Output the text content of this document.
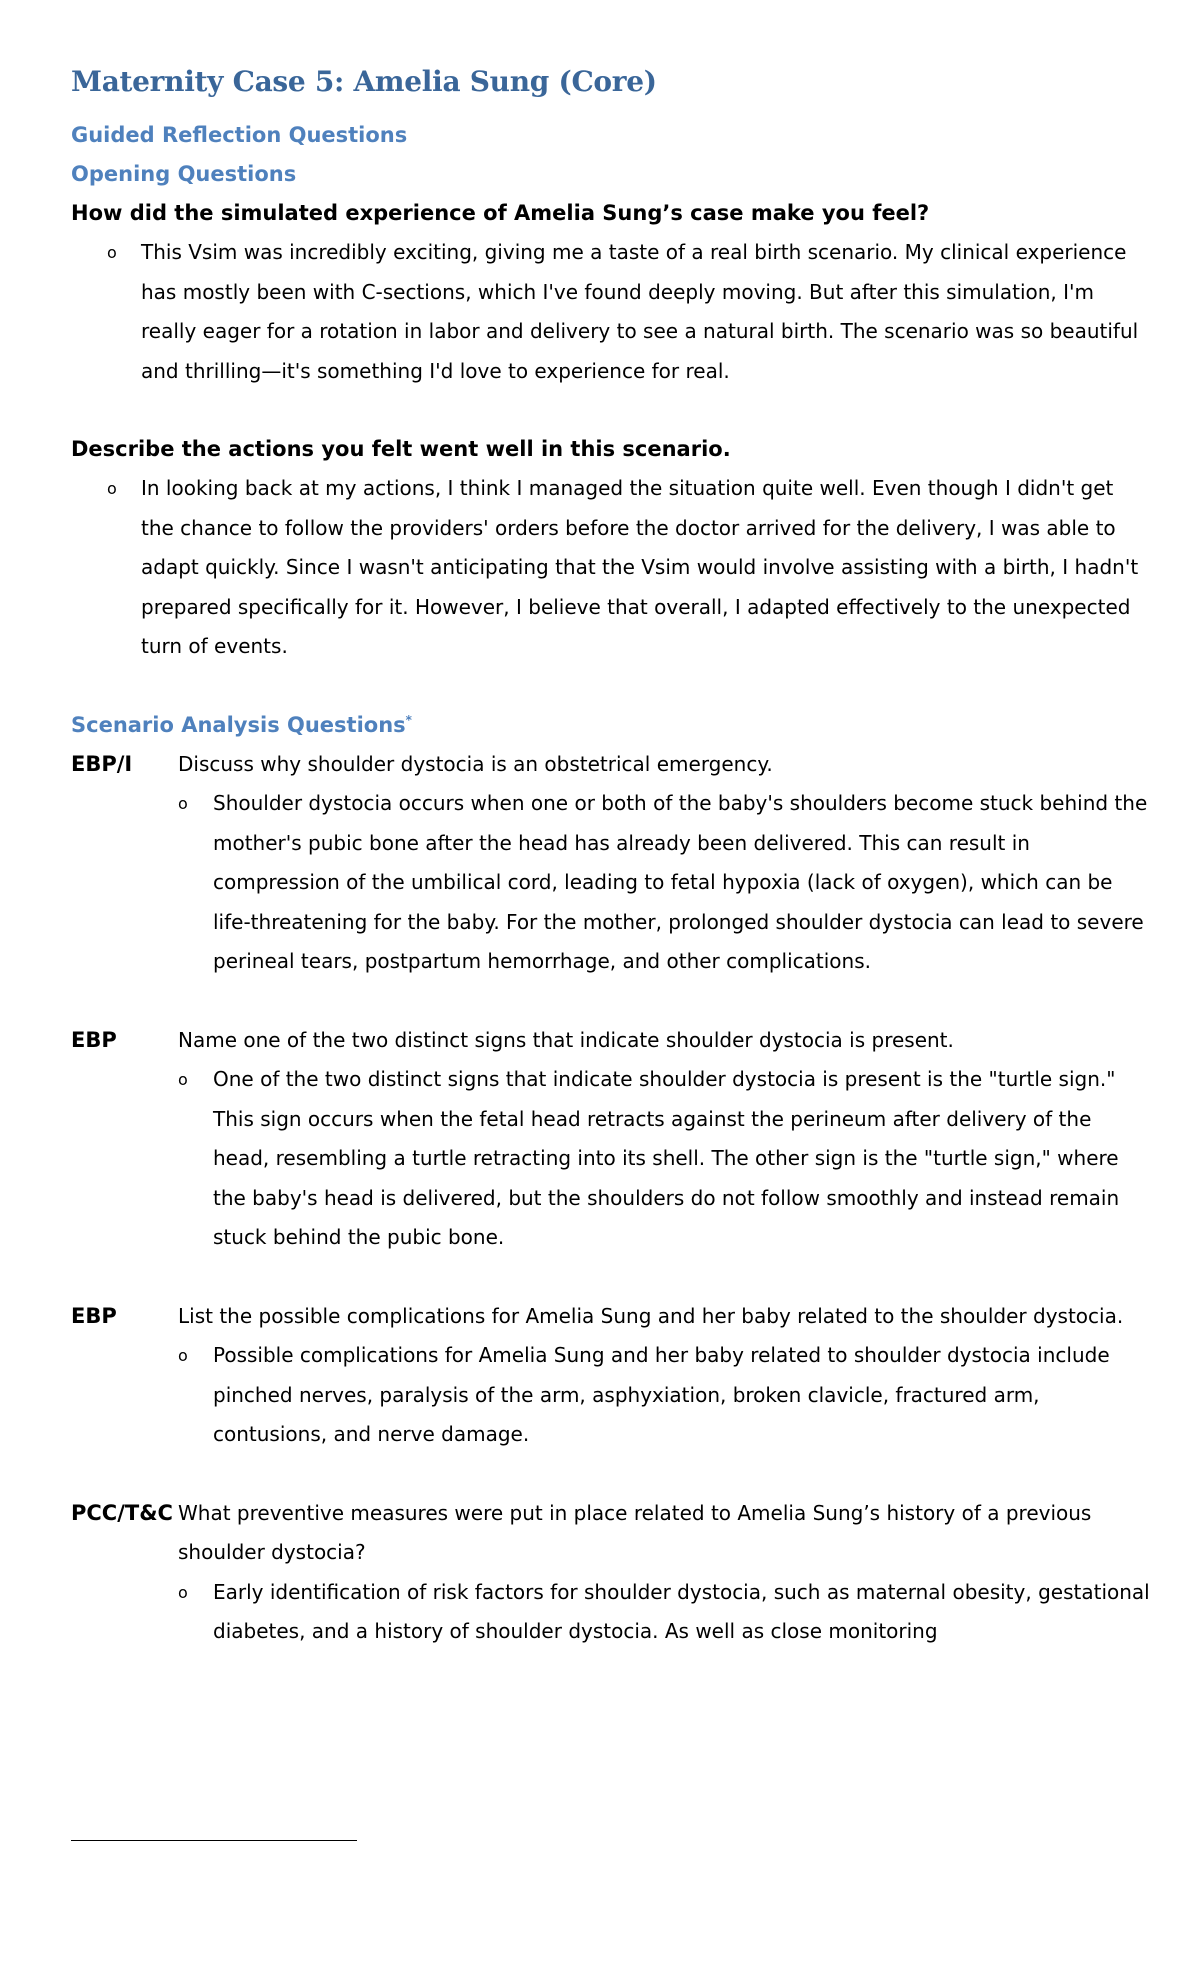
Maternity Case 5: Amelia Sung (Core)
Guided Reflection Questions
Opening Questions
How did the simulated experience of Amelia Sung’s case make you feel?
o This Vsim was incredibly exciting, giving me a taste of a real birth scenario. My clinical experience has mostly been with C-sections, which I've found deeply moving. But after this simulation, I'm really eager for a rotation in labor and delivery to see a natural birth. The scenario was so beautiful and thrilling—it's something I'd love to experience for real.
Describe the actions you felt went well in this scenario.
o In looking back at my actions, I think I managed the situation quite well. Even though I didn't get the chance to follow the providers' orders before the doctor arrived for the delivery, I was able to adapt quickly. Since I wasn't anticipating that the Vsim would involve assisting with a birth, I hadn't prepared specifically for it. However, I believe that overall, I adapted effectively to the unexpected turn of events.
Scenario Analysis Questions*
EBP/I Discuss why shoulder dystocia is an obstetrical emergency.
o Shoulder dystocia occurs when one or both of the baby's shoulders become stuck behind the mother's pubic bone after the head has already been delivered. This can result in compression of the umbilical cord, leading to fetal hypoxia (lack of oxygen), which can be life-threatening for the baby. For the mother, prolonged shoulder dystocia can lead to severe perineal tears, postpartum hemorrhage, and other complications.
EBP	Name one of the two distinct signs that indicate shoulder dystocia is present.
o One of the two distinct signs that indicate shoulder dystocia is present is the "turtle sign." This sign occurs when the fetal head retracts against the perineum after delivery of the head, resembling a turtle retracting into its shell. The other sign is the "turtle sign," where the baby's head is delivered, but the shoulders do not follow smoothly and instead remain stuck behind the pubic bone.
EBP	List the possible complications for Amelia Sung and her baby related to the shoulder dystocia.
o Possible complications for Amelia Sung and her baby related to shoulder dystocia include pinched nerves, paralysis of the arm, asphyxiation, broken clavicle, fractured arm, contusions, and nerve damage.
PCC/T&C What preventive measures were put in place related to Amelia Sung’s history of a previous shoulder dystocia?
o Early identification of risk factors for shoulder dystocia, such as maternal obesity, gestational diabetes, and a history of shoulder dystocia. As well as close monitoring
